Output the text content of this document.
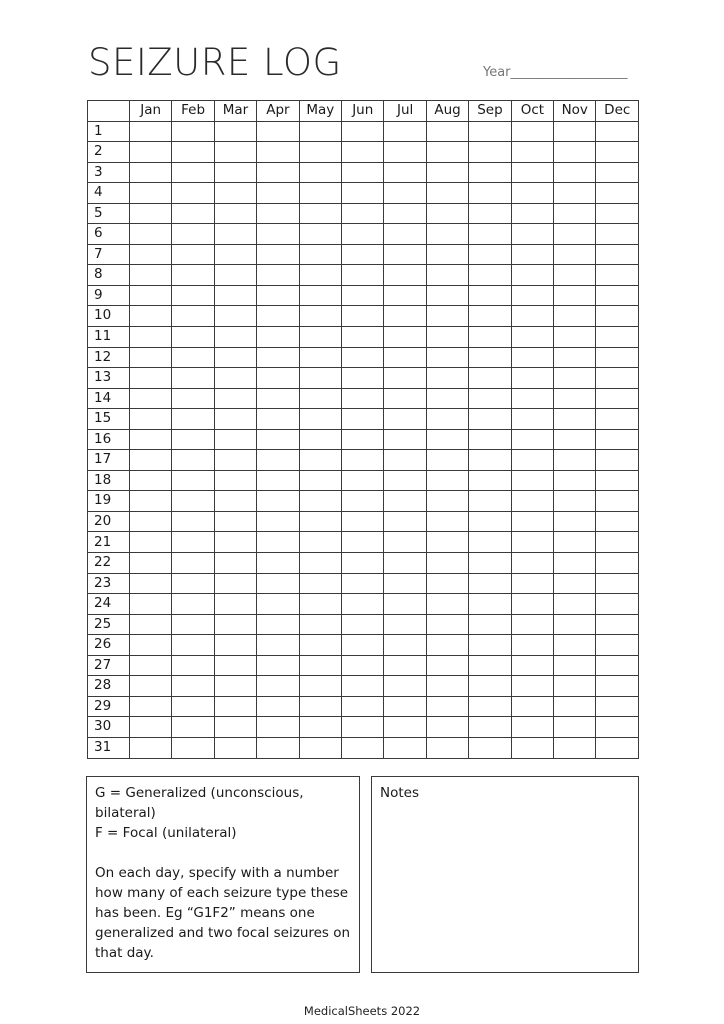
SEIZURE LOG	Year__________________
	Jan	Feb	Mar	Apr	May	Jun	Jul	Aug	Sep	Oct	Nov	Dec
1												
2												
3												
4												
5												
6												
7												
8												
9												
10												
11												
12												
13												
14												
15												
16												
17												
18												
19												
20												
21												
22												
23												
24												
25												
26												
27												
28												
29												
30												
31												

G = Generalized (unconscious, bilateral)

F = Focal (unilateral)

On each day, specify with a number how many of each seizure type these has been. Eg “G1F2” means one generalized and two focal seizures on that day.

Notes
MedicalSheets 2022
